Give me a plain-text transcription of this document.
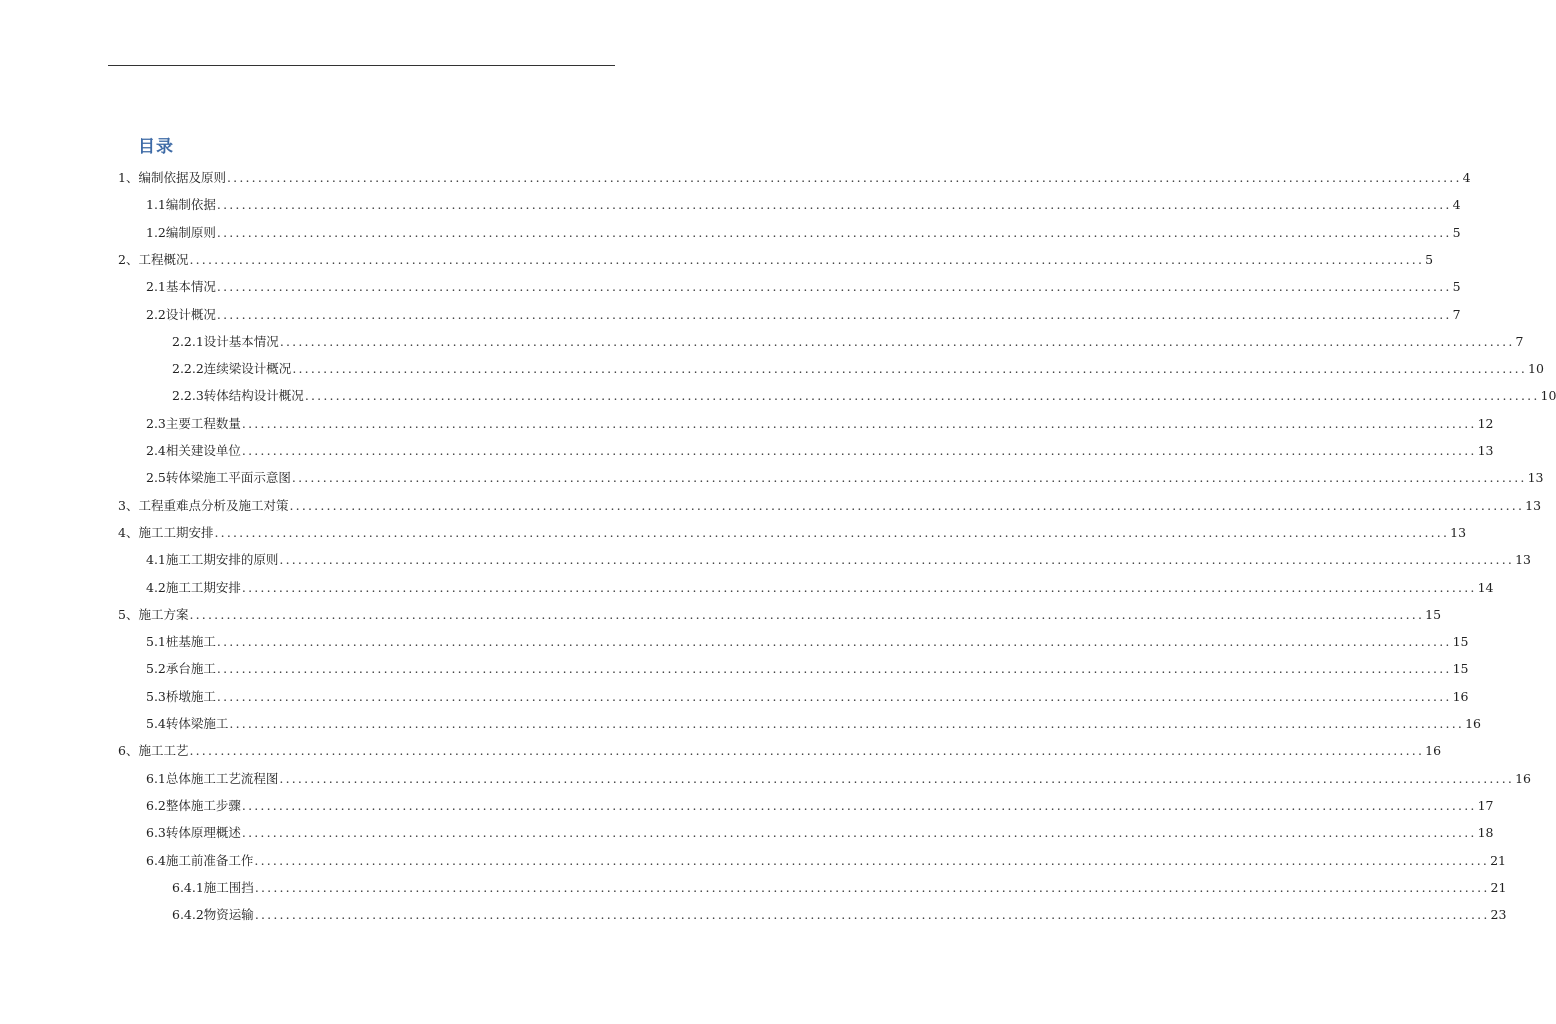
目录
1、编制依据及原则 ........................................................................................................................................................................................................ 4
1.1编制依据 ........................................................................................................................................................................................................ 4
1.2编制原则 ........................................................................................................................................................................................................ 5
2、工程概况 ........................................................................................................................................................................................................ 5
2.1基本情况 ........................................................................................................................................................................................................ 5
2.2设计概况 ........................................................................................................................................................................................................ 7
2.2.1设计基本情况 ........................................................................................................................................................................................................ 7
2.2.2连续梁设计概况 ........................................................................................................................................................................................................ 10
2.2.3转体结构设计概况 ........................................................................................................................................................................................................ 10
2.3主要工程数量 ........................................................................................................................................................................................................ 12
2.4相关建设单位 ........................................................................................................................................................................................................ 13
2.5转体梁施工平面示意图 ........................................................................................................................................................................................................ 13
3、工程重难点分析及施工对策 ........................................................................................................................................................................................................ 13
4、施工工期安排 ........................................................................................................................................................................................................ 13
4.1施工工期安排的原则 ........................................................................................................................................................................................................ 13
4.2施工工期安排 ........................................................................................................................................................................................................ 14
5、施工方案 ........................................................................................................................................................................................................ 15
5.1桩基施工 ........................................................................................................................................................................................................ 15
5.2承台施工 ........................................................................................................................................................................................................ 15
5.3桥墩施工 ........................................................................................................................................................................................................ 16
5.4转体梁施工 ........................................................................................................................................................................................................ 16
6、施工工艺 ........................................................................................................................................................................................................ 16
6.1总体施工工艺流程图 ........................................................................................................................................................................................................ 16
6.2整体施工步骤 ........................................................................................................................................................................................................ 17
6.3转体原理概述 ........................................................................................................................................................................................................ 18
6.4施工前准备工作 ........................................................................................................................................................................................................ 21
6.4.1施工围挡 ........................................................................................................................................................................................................ 21
6.4.2物资运输 ........................................................................................................................................................................................................ 23
